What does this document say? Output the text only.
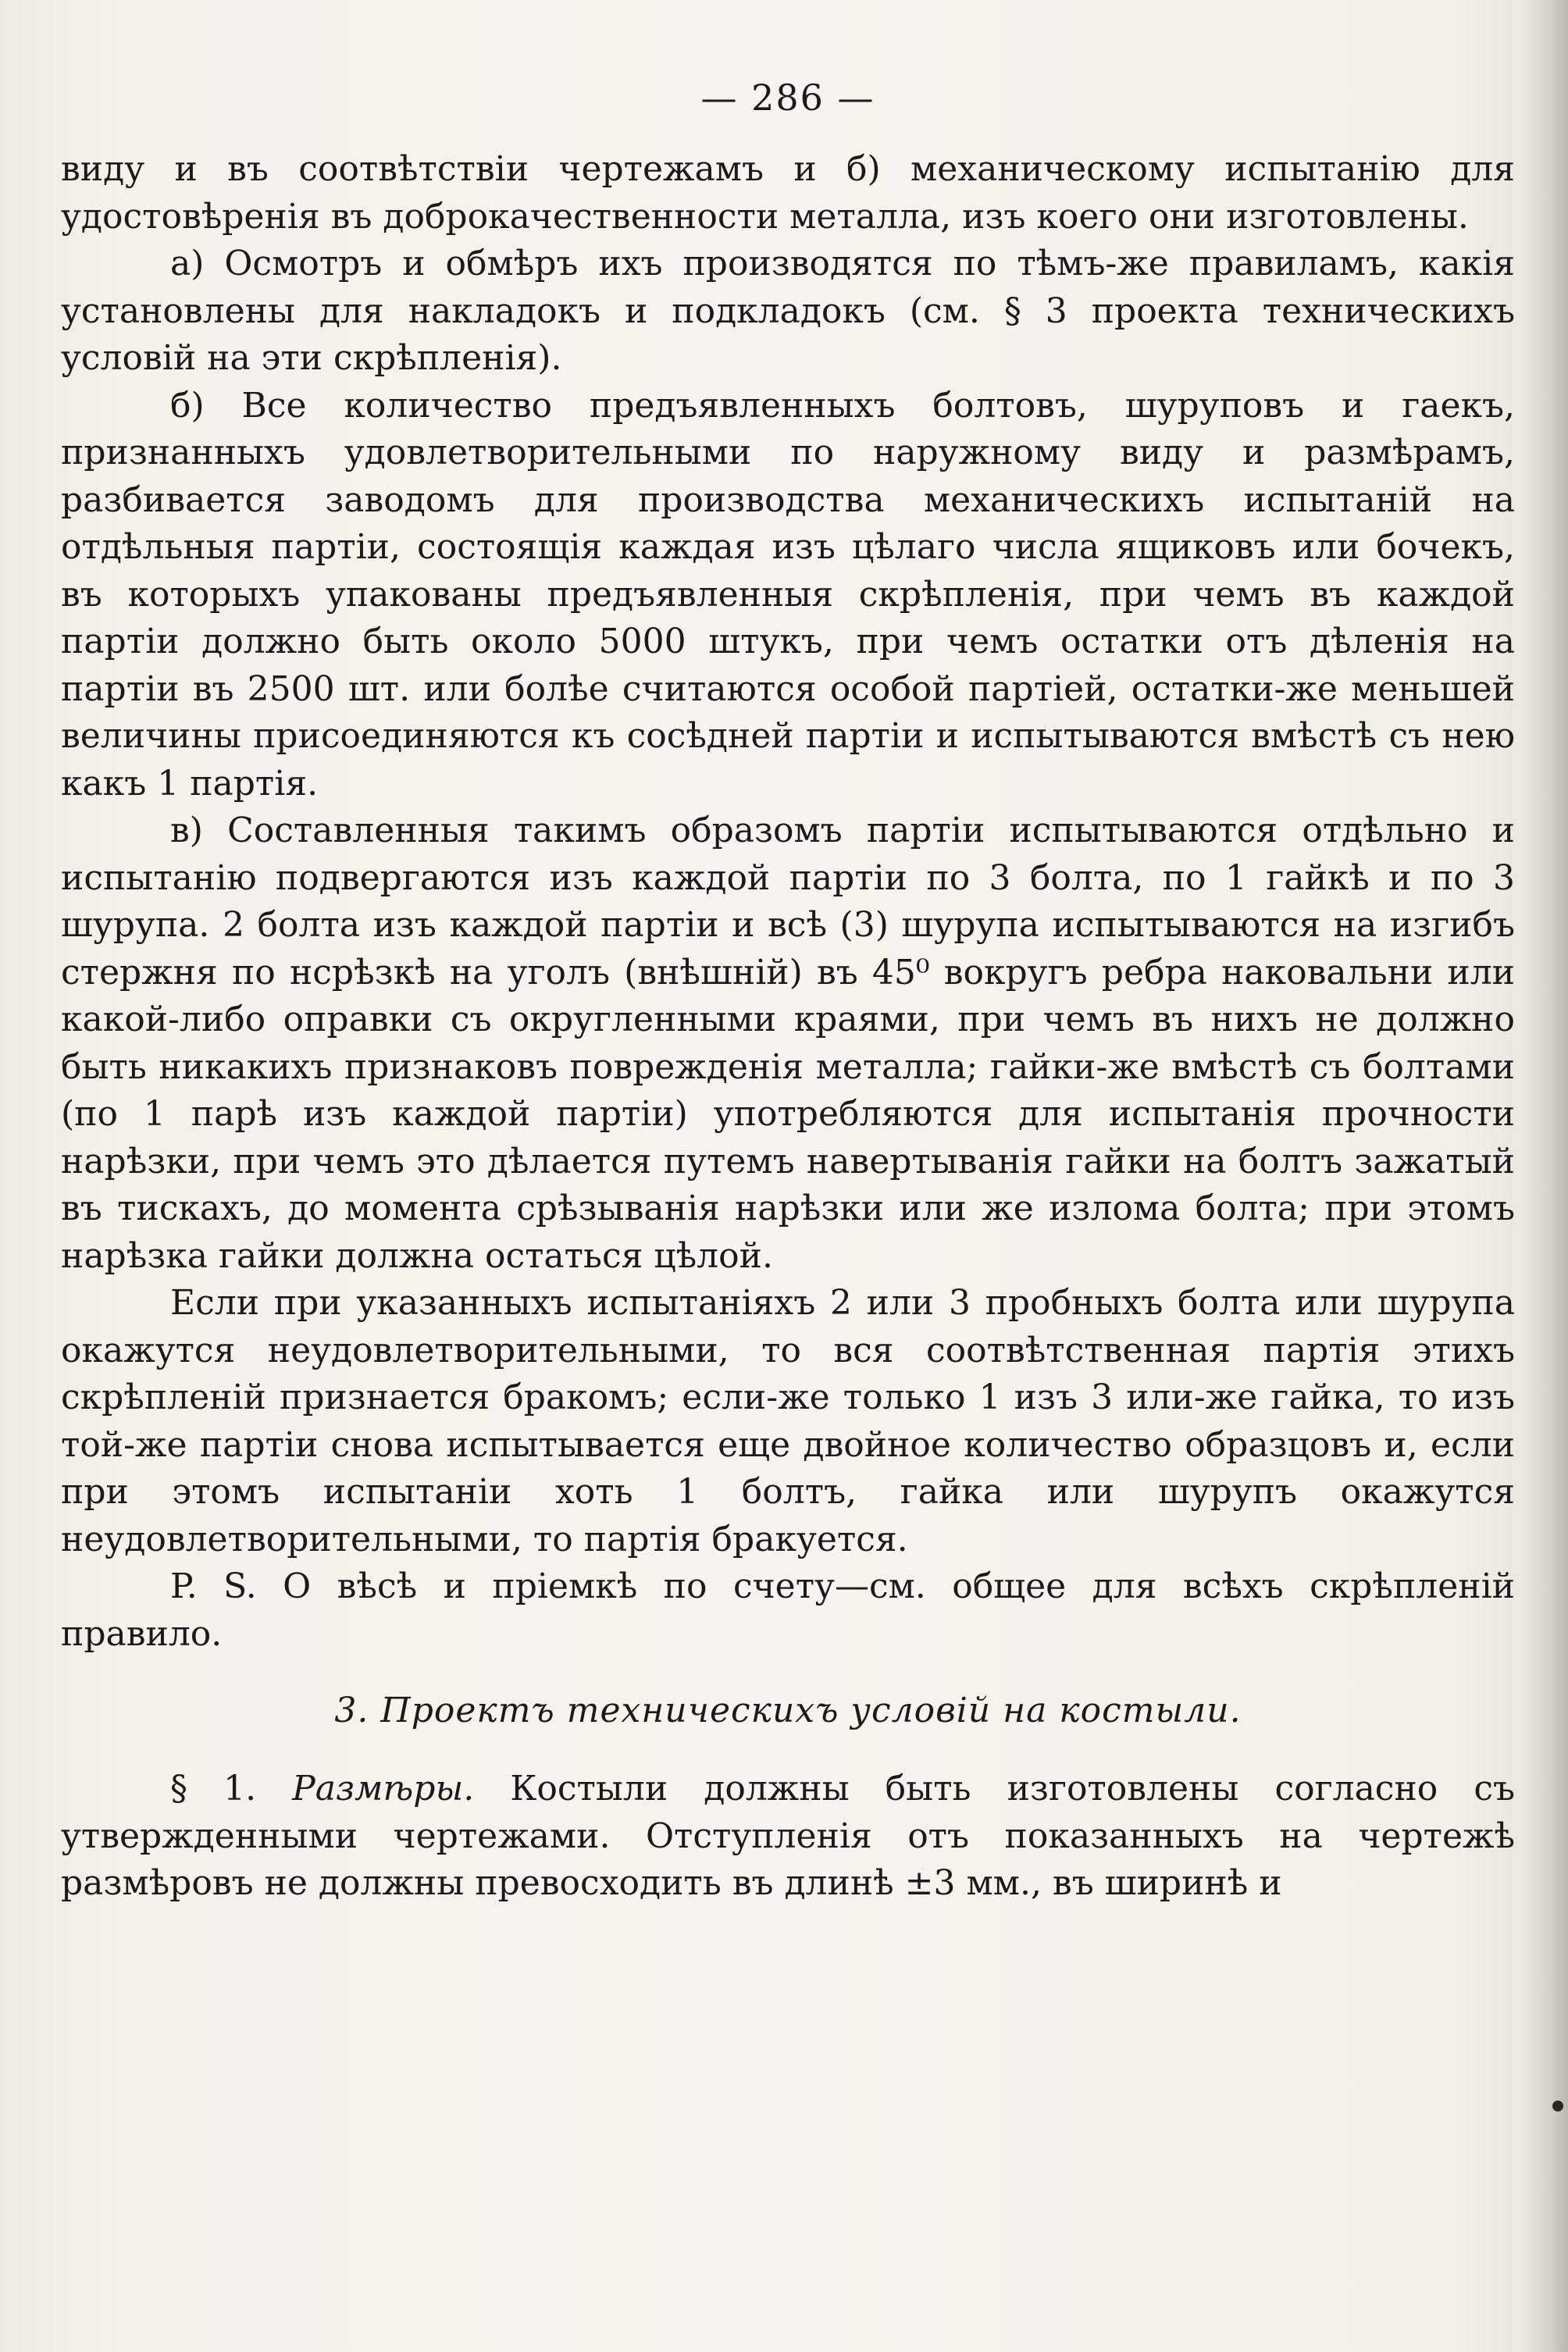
— 286 —

виду и въ соотвѣтствіи чертежамъ и б) механическому испытанію для удостовѣренія въ доброкачественности металла, изъ коего они изготовлены.

а) Осмотръ и обмѣръ ихъ производятся по тѣмъ-же правиламъ, какія установлены для накладокъ и подкладокъ (см. § 3 проекта техническихъ условій на эти скрѣпленія).

б) Все количество предъявленныхъ болтовъ, шуруповъ и гаекъ, признанныхъ удовлетворительными по наружному виду и размѣрамъ, разбивается заводомъ для производства механическихъ испытаній на отдѣльныя партіи, состоящія каждая изъ цѣлаго числа ящиковъ или бочекъ, въ которыхъ упакованы предъявленныя скрѣпленія, при чемъ въ каждой партіи должно быть около 5000 штукъ, при чемъ остатки отъ дѣленія на партіи въ 2500 шт. или болѣе считаются особой партіей, остатки-же меньшей величины присоединяются къ сосѣдней партіи и испытываются вмѣстѣ съ нею какъ 1 партія.

в) Составленныя такимъ образомъ партіи испытываются отдѣльно и испытанію подвергаются изъ каждой партіи по 3 болта, по 1 гайкѣ и по 3 шурупа. 2 болта изъ каждой партіи и всѣ (3) шурупа испытываются на изгибъ стержня по нсрѣзкѣ на уголъ (внѣшній) въ 45⁰ вокругъ ребра наковальни или какой-либо оправки съ округленными краями, при чемъ въ нихъ не должно быть никакихъ признаковъ поврежденія металла; гайки-же вмѣстѣ съ болтами (по 1 парѣ изъ каждой партіи) употребляются для испытанія прочности нарѣзки, при чемъ это дѣлается путемъ навертыванія гайки на болтъ зажатый въ тискахъ, до момента срѣзыванія нарѣзки или же излома болта; при этомъ нарѣзка гайки должна остаться цѣлой.

Если при указанныхъ испытаніяхъ 2 или 3 пробныхъ болта или шурупа окажутся неудовлетворительными, то вся соотвѣтственная партія этихъ скрѣпленій признается бракомъ; если-же только 1 изъ 3 или-же гайка, то изъ той-же партіи снова испытывается еще двойное количество образцовъ и, если при этомъ испытаніи хоть 1 болтъ, гайка или шурупъ окажутся неудовлетворительными, то партія бракуется.

P. S. О вѣсѣ и пріемкѣ по счету—см. общее для всѣхъ скрѣпленій правило.

3. Проектъ техническихъ условій на костыли.

§ 1. Размѣры. Костыли должны быть изготовлены согласно съ утвержденными чертежами. Отступленія отъ показанныхъ на чертежѣ размѣровъ не должны превосходить въ длинѣ ±3 мм., въ ширинѣ и
